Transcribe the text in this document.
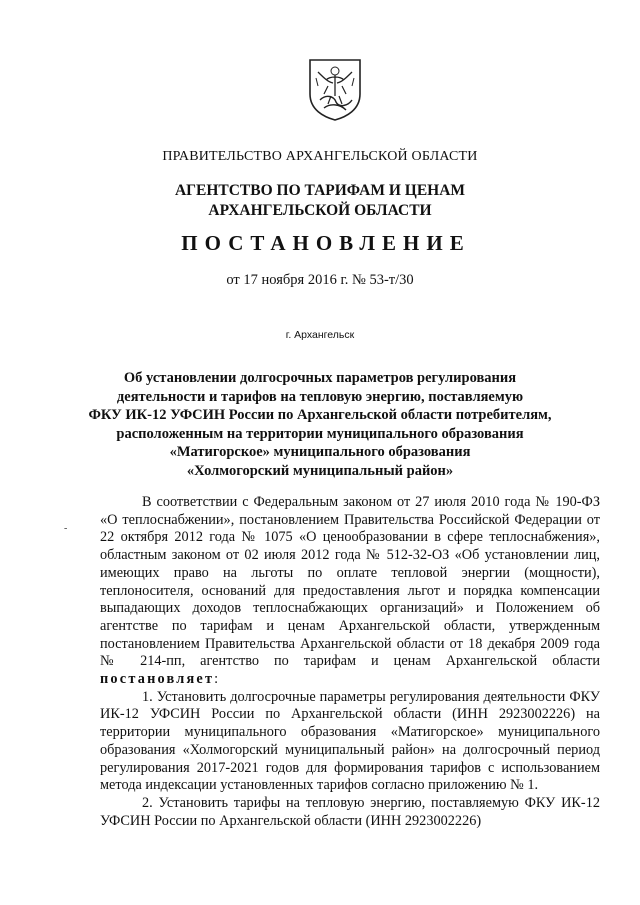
ПРАВИТЕЛЬСТВО АРХАНГЕЛЬСКОЙ ОБЛАСТИ
АГЕНТСТВО ПО ТАРИФАМ И ЦЕНАМ
АРХАНГЕЛЬСКОЙ ОБЛАСТИ
ПОСТАНОВЛЕНИЕ
от 17 ноября 2016 г. № 53-т/30
г. Архангельск
Об установлении долгосрочных параметров регулирования
деятельности и тарифов на тепловую энергию, поставляемую
ФКУ ИК-12 УФСИН России по Архангельской области потребителям,
расположенным на территории муниципального образования
«Матигорское» муниципального образования
«Холмогорский муниципальный район»
-

В соответствии с Федеральным законом от 27 июля 2010 года № 190-ФЗ «О теплоснабжении», постановлением Правительства Российской Федерации от 22 октября 2012 года № 1075 «О ценообразовании в сфере теплоснабжения», областным законом от 02 июля 2012 года № 512-32-ОЗ «Об установлении лиц, имеющих право на льготы по оплате тепловой энергии (мощности), теплоносителя, оснований для предоставления льгот и порядка компенсации выпадающих доходов теплоснабжающих организаций» и Положением об агентстве по тарифам и ценам Архангельской области, утвержденным постановлением Правительства Архангельской области от 18 декабря 2009 года № 214-пп, агентство по тарифам и ценам Архангельской области постановляет:

1. Установить долгосрочные параметры регулирования деятельности ФКУ ИК-12 УФСИН России по Архангельской области (ИНН 2923002226) на территории муниципального образования «Матигорское» муниципального образования «Холмогорский муниципальный район» на долгосрочный период регулирования 2017-2021 годов для формирования тарифов с использованием метода индексации установленных тарифов согласно приложению № 1.

2. Установить тарифы на тепловую энергию, поставляемую ФКУ ИК-12 УФСИН России по Архангельской области (ИНН 2923002226)
